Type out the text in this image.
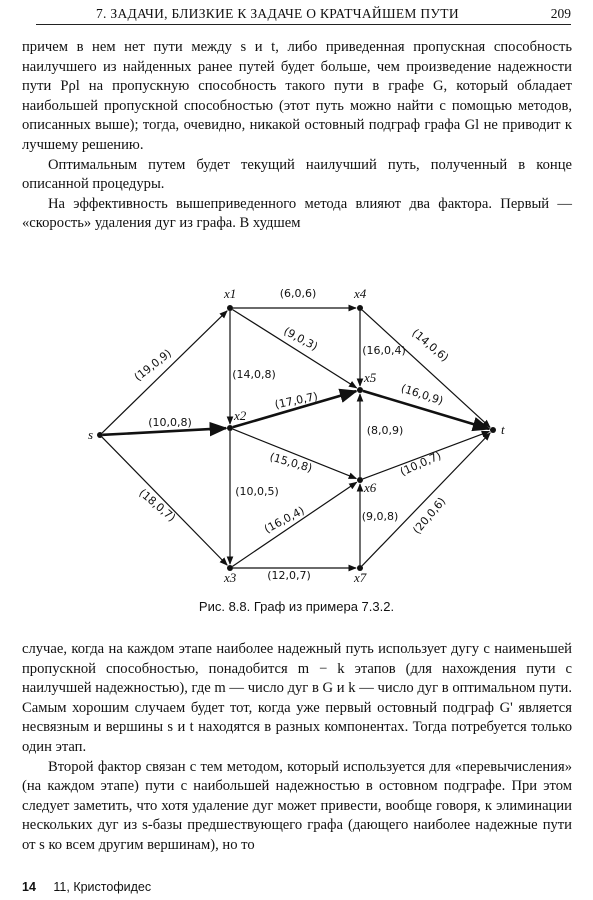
7. ЗАДАЧИ, БЛИЗКИЕ К ЗАДАЧЕ О КРАТЧАЙШЕМ ПУТИ	209

причем в нем нет пути между s и t, либо приведенная пропускная способность наилучшего из найденных ранее путей будет больше, чем произведение надежности пути Pρl на пропускную способность такого пути в графе G, который обладает наибольшей пропускной способностью (этот путь можно найти с помощью методов, описанных выше); тогда, очевидно, никакой остовный подграф графа Gl не приводит к лучшему решению.

Оптимальным путем будет текущий наилучший путь, полученный в конце описанной процедуры.

На эффективность вышеприведенного метода влияют два фактора. Первый — «скорость» удаления дуг из графа. В худшем

(19,0,9)
(10,0,8)
(18,0,7)
(6,0,6)
(9,0,3)
(14,0,8)
(17,0,7)
(15,0,8)
(10,0,5)
(16,0,4) (14,0,6)
(16,0,9)
(8,0,9)
(10,0,7)
(16,0,4)
(12,0,7)
(9,0,8) (20,0,6)
s
x1
x2
x3
x4
x5
x6
x7
t
Рис. 8.8. Граф из примера 7.3.2.

случае, когда на каждом этапе наиболее надежный путь использует дугу с наименьшей пропускной способностью, понадобится m − k этапов (для нахождения пути с наилучшей надежностью), где m — число дуг в G и k — число дуг в оптимальном пути. Самым хорошим случаем будет тот, когда уже первый остовный подграф G' является несвязным и вершины s и t находятся в разных компонентах. Тогда потребуется только один этап.

Второй фактор связан с тем методом, который используется для «перевычисления» (на каждом этапе) пути с наибольшей надежностью в остовном подграфе. При этом следует заметить, что хотя удаление дуг может привести, вообще говоря, к элиминации нескольких дуг из s-базы предшествующего графа (дающего наиболее надежные пути от s ко всем другим вершинам), но то

14 11, Кристофидес
